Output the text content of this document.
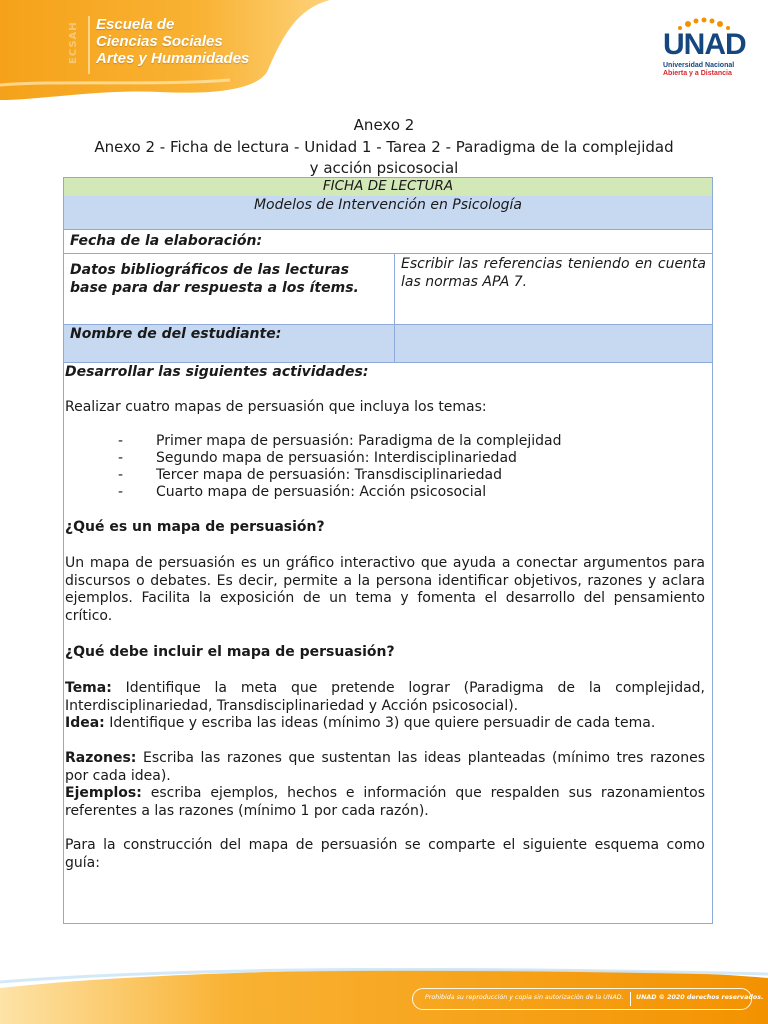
ECSAH	Escuela de
Ciencias Sociales
Artes y Humanidades	UNAD
Universidad Nacional
Abierta y a Distancia
Anexo 2
Anexo 2 - Ficha de lectura - Unidad 1 - Tarea 2 - Paradigma de la complejidad y acción psicosocial
FICHA DE LECTURA
Modelos de Intervención en Psicología
Fecha de la elaboración:
Datos bibliográficos de las lecturas base para dar respuesta a los ítems.
Escribir las referencias teniendo en cuenta las normas APA 7.
Nombre de del estudiante:
Desarrollar las siguientes actividades:
Realizar cuatro mapas de persuasión que incluya los temas:
- Primer mapa de persuasión: Paradigma de la complejidad
- Segundo mapa de persuasión: Interdisciplinariedad
- Tercer mapa de persuasión: Transdisciplinariedad
- Cuarto mapa de persuasión: Acción psicosocial
¿Qué es un mapa de persuasión?
Un mapa de persuasión es un gráfico interactivo que ayuda a conectar argumentos para discursos o debates. Es decir, permite a la persona identificar objetivos, razones y aclara ejemplos. Facilita la exposición de un tema y fomenta el desarrollo del pensamiento crítico.
¿Qué debe incluir el mapa de persuasión?
Tema: Identifique la meta que pretende lograr (Paradigma de la complejidad, Interdisciplinariedad, Transdisciplinariedad y Acción psicosocial).
Idea: Identifique y escriba las ideas (mínimo 3) que quiere persuadir de cada tema.
Razones: Escriba las razones que sustentan las ideas planteadas (mínimo tres razones por cada idea).
Ejemplos: escriba ejemplos, hechos e información que respalden sus razonamientos referentes a las razones (mínimo 1 por cada razón).
Para la construcción del mapa de persuasión se comparte el siguiente esquema como guía:
Prohibida su reproducción y copia sin autorización de la UNAD. UNAD © 2020 derechos reservados.
